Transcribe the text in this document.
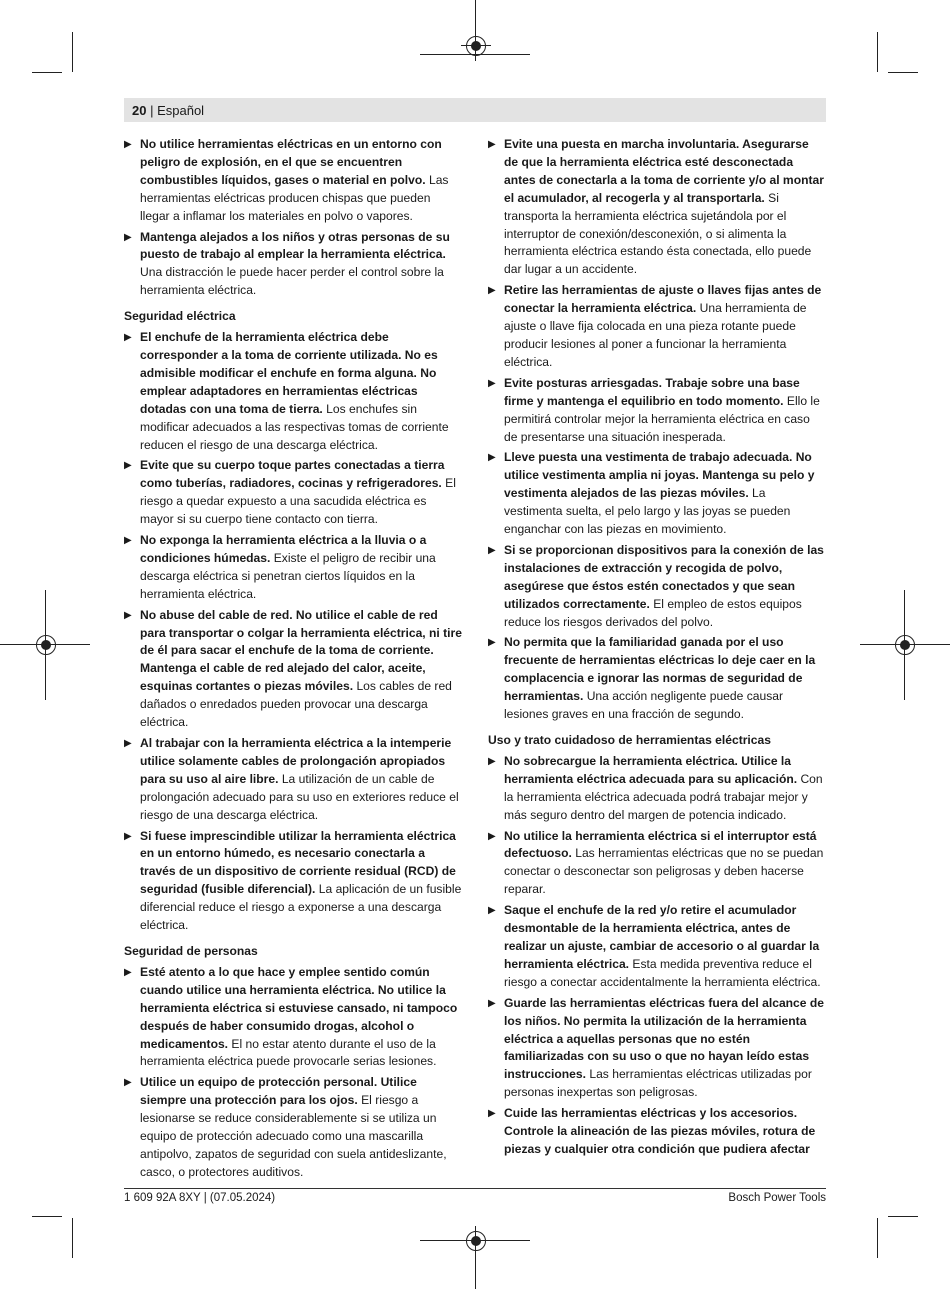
20 | Español
▶ No utilice herramientas eléctricas en un entorno con peligro de explosión, en el que se encuentren combustibles líquidos, gases o material en polvo. Las herramientas eléctricas producen chispas que pueden llegar a inflamar los materiales en polvo o vapores.
▶ Mantenga alejados a los niños y otras personas de su puesto de trabajo al emplear la herramienta eléctrica. Una distracción le puede hacer perder el control sobre la herramienta eléctrica.
Seguridad eléctrica
▶ El enchufe de la herramienta eléctrica debe corresponder a la toma de corriente utilizada. No es admisible modificar el enchufe en forma alguna. No emplear adaptadores en herramientas eléctricas dotadas con una toma de tierra. Los enchufes sin modificar adecuados a las respectivas tomas de corriente reducen el riesgo de una descarga eléctrica.
▶ Evite que su cuerpo toque partes conectadas a tierra como tuberías, radiadores, cocinas y refrigeradores. El riesgo a quedar expuesto a una sacudida eléctrica es mayor si su cuerpo tiene contacto con tierra.
▶ No exponga la herramienta eléctrica a la lluvia o a condiciones húmedas. Existe el peligro de recibir una descarga eléctrica si penetran ciertos líquidos en la herramienta eléctrica.
▶ No abuse del cable de red. No utilice el cable de red para transportar o colgar la herramienta eléctrica, ni tire de él para sacar el enchufe de la toma de corriente. Mantenga el cable de red alejado del calor, aceite, esquinas cortantes o piezas móviles. Los cables de red dañados o enredados pueden provocar una descarga eléctrica.
▶ Al trabajar con la herramienta eléctrica a la intemperie utilice solamente cables de prolongación apropiados para su uso al aire libre. La utilización de un cable de prolongación adecuado para su uso en exteriores reduce el riesgo de una descarga eléctrica.
▶ Si fuese imprescindible utilizar la herramienta eléctrica en un entorno húmedo, es necesario conectarla a través de un dispositivo de corriente residual (RCD) de seguridad (fusible diferencial). La aplicación de un fusible diferencial reduce el riesgo a exponerse a una descarga eléctrica.
Seguridad de personas
▶ Esté atento a lo que hace y emplee sentido común cuando utilice una herramienta eléctrica. No utilice la herramienta eléctrica si estuviese cansado, ni tampoco después de haber consumido drogas, alcohol o medicamentos. El no estar atento durante el uso de la herramienta eléctrica puede provocarle serias lesiones.
▶ Utilice un equipo de protección personal. Utilice siempre una protección para los ojos. El riesgo a lesionarse se reduce considerablemente si se utiliza un equipo de protección adecuado como una mascarilla antipolvo, zapatos de seguridad con suela antideslizante, casco, o protectores auditivos.
▶ Evite una puesta en marcha involuntaria. Asegurarse de que la herramienta eléctrica esté desconectada antes de conectarla a la toma de corriente y/o al montar el acumulador, al recogerla y al transportarla. Si transporta la herramienta eléctrica sujetándola por el interruptor de conexión/desconexión, o si alimenta la herramienta eléctrica estando ésta conectada, ello puede dar lugar a un accidente.
▶ Retire las herramientas de ajuste o llaves fijas antes de conectar la herramienta eléctrica. Una herramienta de ajuste o llave fija colocada en una pieza rotante puede producir lesiones al poner a funcionar la herramienta eléctrica.
▶ Evite posturas arriesgadas. Trabaje sobre una base firme y mantenga el equilibrio en todo momento. Ello le permitirá controlar mejor la herramienta eléctrica en caso de presentarse una situación inesperada.
▶ Lleve puesta una vestimenta de trabajo adecuada. No utilice vestimenta amplia ni joyas. Mantenga su pelo y vestimenta alejados de las piezas móviles. La vestimenta suelta, el pelo largo y las joyas se pueden enganchar con las piezas en movimiento.
▶ Si se proporcionan dispositivos para la conexión de las instalaciones de extracción y recogida de polvo, asegúrese que éstos estén conectados y que sean utilizados correctamente. El empleo de estos equipos reduce los riesgos derivados del polvo.
▶ No permita que la familiaridad ganada por el uso frecuente de herramientas eléctricas lo deje caer en la complacencia e ignorar las normas de seguridad de herramientas. Una acción negligente puede causar lesiones graves en una fracción de segundo.
Uso y trato cuidadoso de herramientas eléctricas
▶ No sobrecargue la herramienta eléctrica. Utilice la herramienta eléctrica adecuada para su aplicación. Con la herramienta eléctrica adecuada podrá trabajar mejor y más seguro dentro del margen de potencia indicado.
▶ No utilice la herramienta eléctrica si el interruptor está defectuoso. Las herramientas eléctricas que no se puedan conectar o desconectar son peligrosas y deben hacerse reparar.
▶ Saque el enchufe de la red y/o retire el acumulador desmontable de la herramienta eléctrica, antes de realizar un ajuste, cambiar de accesorio o al guardar la herramienta eléctrica. Esta medida preventiva reduce el riesgo a conectar accidentalmente la herramienta eléctrica.
▶ Guarde las herramientas eléctricas fuera del alcance de los niños. No permita la utilización de la herramienta eléctrica a aquellas personas que no estén familiarizadas con su uso o que no hayan leído estas instrucciones. Las herramientas eléctricas utilizadas por personas inexpertas son peligrosas.
▶ Cuide las herramientas eléctricas y los accesorios. Controle la alineación de las piezas móviles, rotura de piezas y cualquier otra condición que pudiera afectar
1 609 92A 8XY | (07.05.2024)	Bosch Power Tools
